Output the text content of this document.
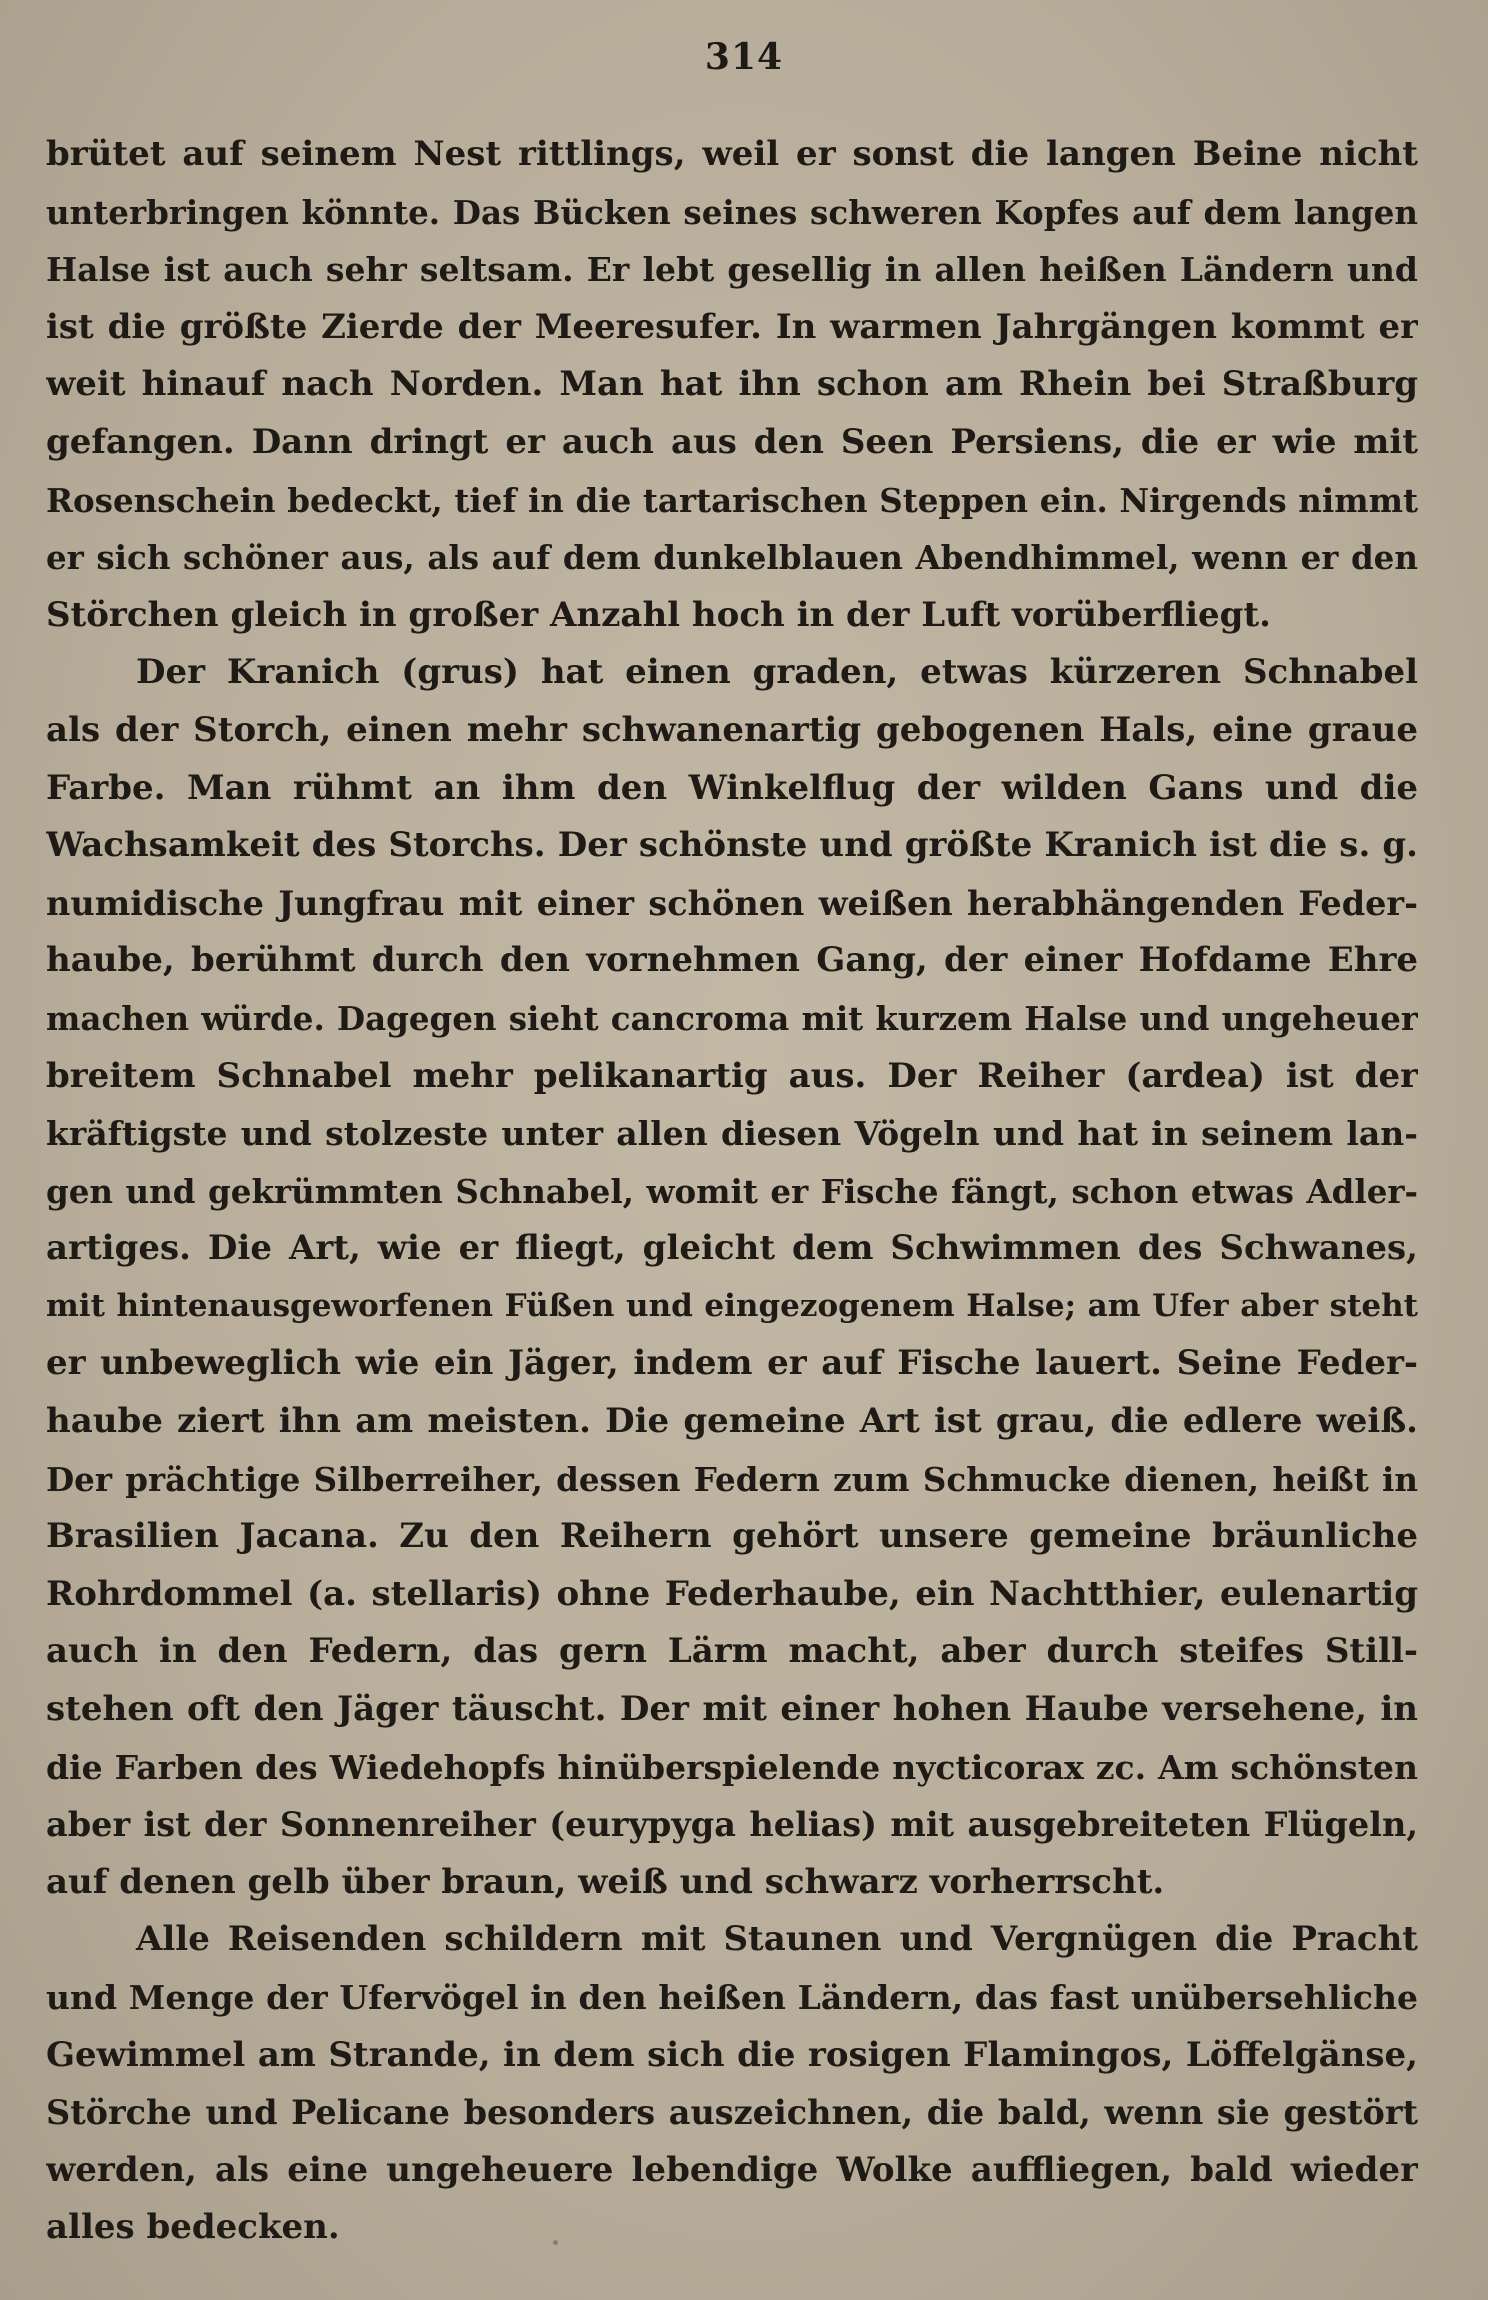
314
brütet auf seinem Nest rittlings, weil er sonst die langen Beine nicht
unterbringen könnte. Das Bücken seines schweren Kopfes auf dem langen
Halse ist auch sehr seltsam. Er lebt gesellig in allen heißen Ländern und
ist die größte Zierde der Meeresufer. In warmen Jahrgängen kommt er
weit hinauf nach Norden. Man hat ihn schon am Rhein bei Straßburg
gefangen. Dann dringt er auch aus den Seen Persiens, die er wie mit
Rosenschein bedeckt, tief in die tartarischen Steppen ein. Nirgends nimmt
er sich schöner aus, als auf dem dunkelblauen Abendhimmel, wenn er den
Störchen gleich in großer Anzahl hoch in der Luft vorüberfliegt.
Der Kranich (grus) hat einen graden, etwas kürzeren Schnabel
als der Storch, einen mehr schwanenartig gebogenen Hals, eine graue
Farbe. Man rühmt an ihm den Winkelflug der wilden Gans und die
Wachsamkeit des Storchs. Der schönste und größte Kranich ist die s. g.
numidische Jungfrau mit einer schönen weißen herabhängenden Feder-
haube, berühmt durch den vornehmen Gang, der einer Hofdame Ehre
machen würde. Dagegen sieht cancroma mit kurzem Halse und ungeheuer
breitem Schnabel mehr pelikanartig aus. Der Reiher (ardea) ist der
kräftigste und stolzeste unter allen diesen Vögeln und hat in seinem lan-
gen und gekrümmten Schnabel, womit er Fische fängt, schon etwas Adler-
artiges. Die Art, wie er fliegt, gleicht dem Schwimmen des Schwanes,
mit hintenausgeworfenen Füßen und eingezogenem Halse; am Ufer aber steht
er unbeweglich wie ein Jäger, indem er auf Fische lauert. Seine Feder-
haube ziert ihn am meisten. Die gemeine Art ist grau, die edlere weiß.
Der prächtige Silberreiher, dessen Federn zum Schmucke dienen, heißt in
Brasilien Jacana. Zu den Reihern gehört unsere gemeine bräunliche
Rohrdommel (a. stellaris) ohne Federhaube, ein Nachtthier, eulenartig
auch in den Federn, das gern Lärm macht, aber durch steifes Still-
stehen oft den Jäger täuscht. Der mit einer hohen Haube versehene, in
die Farben des Wiedehopfs hinüberspielende nycticorax zc. Am schönsten
aber ist der Sonnenreiher (eurypyga helias) mit ausgebreiteten Flügeln,
auf denen gelb über braun, weiß und schwarz vorherrscht.
Alle Reisenden schildern mit Staunen und Vergnügen die Pracht
und Menge der Ufervögel in den heißen Ländern, das fast unübersehliche
Gewimmel am Strande, in dem sich die rosigen Flamingos, Löffelgänse,
Störche und Pelicane besonders auszeichnen, die bald, wenn sie gestört
werden, als eine ungeheuere lebendige Wolke auffliegen, bald wieder
alles bedecken.
